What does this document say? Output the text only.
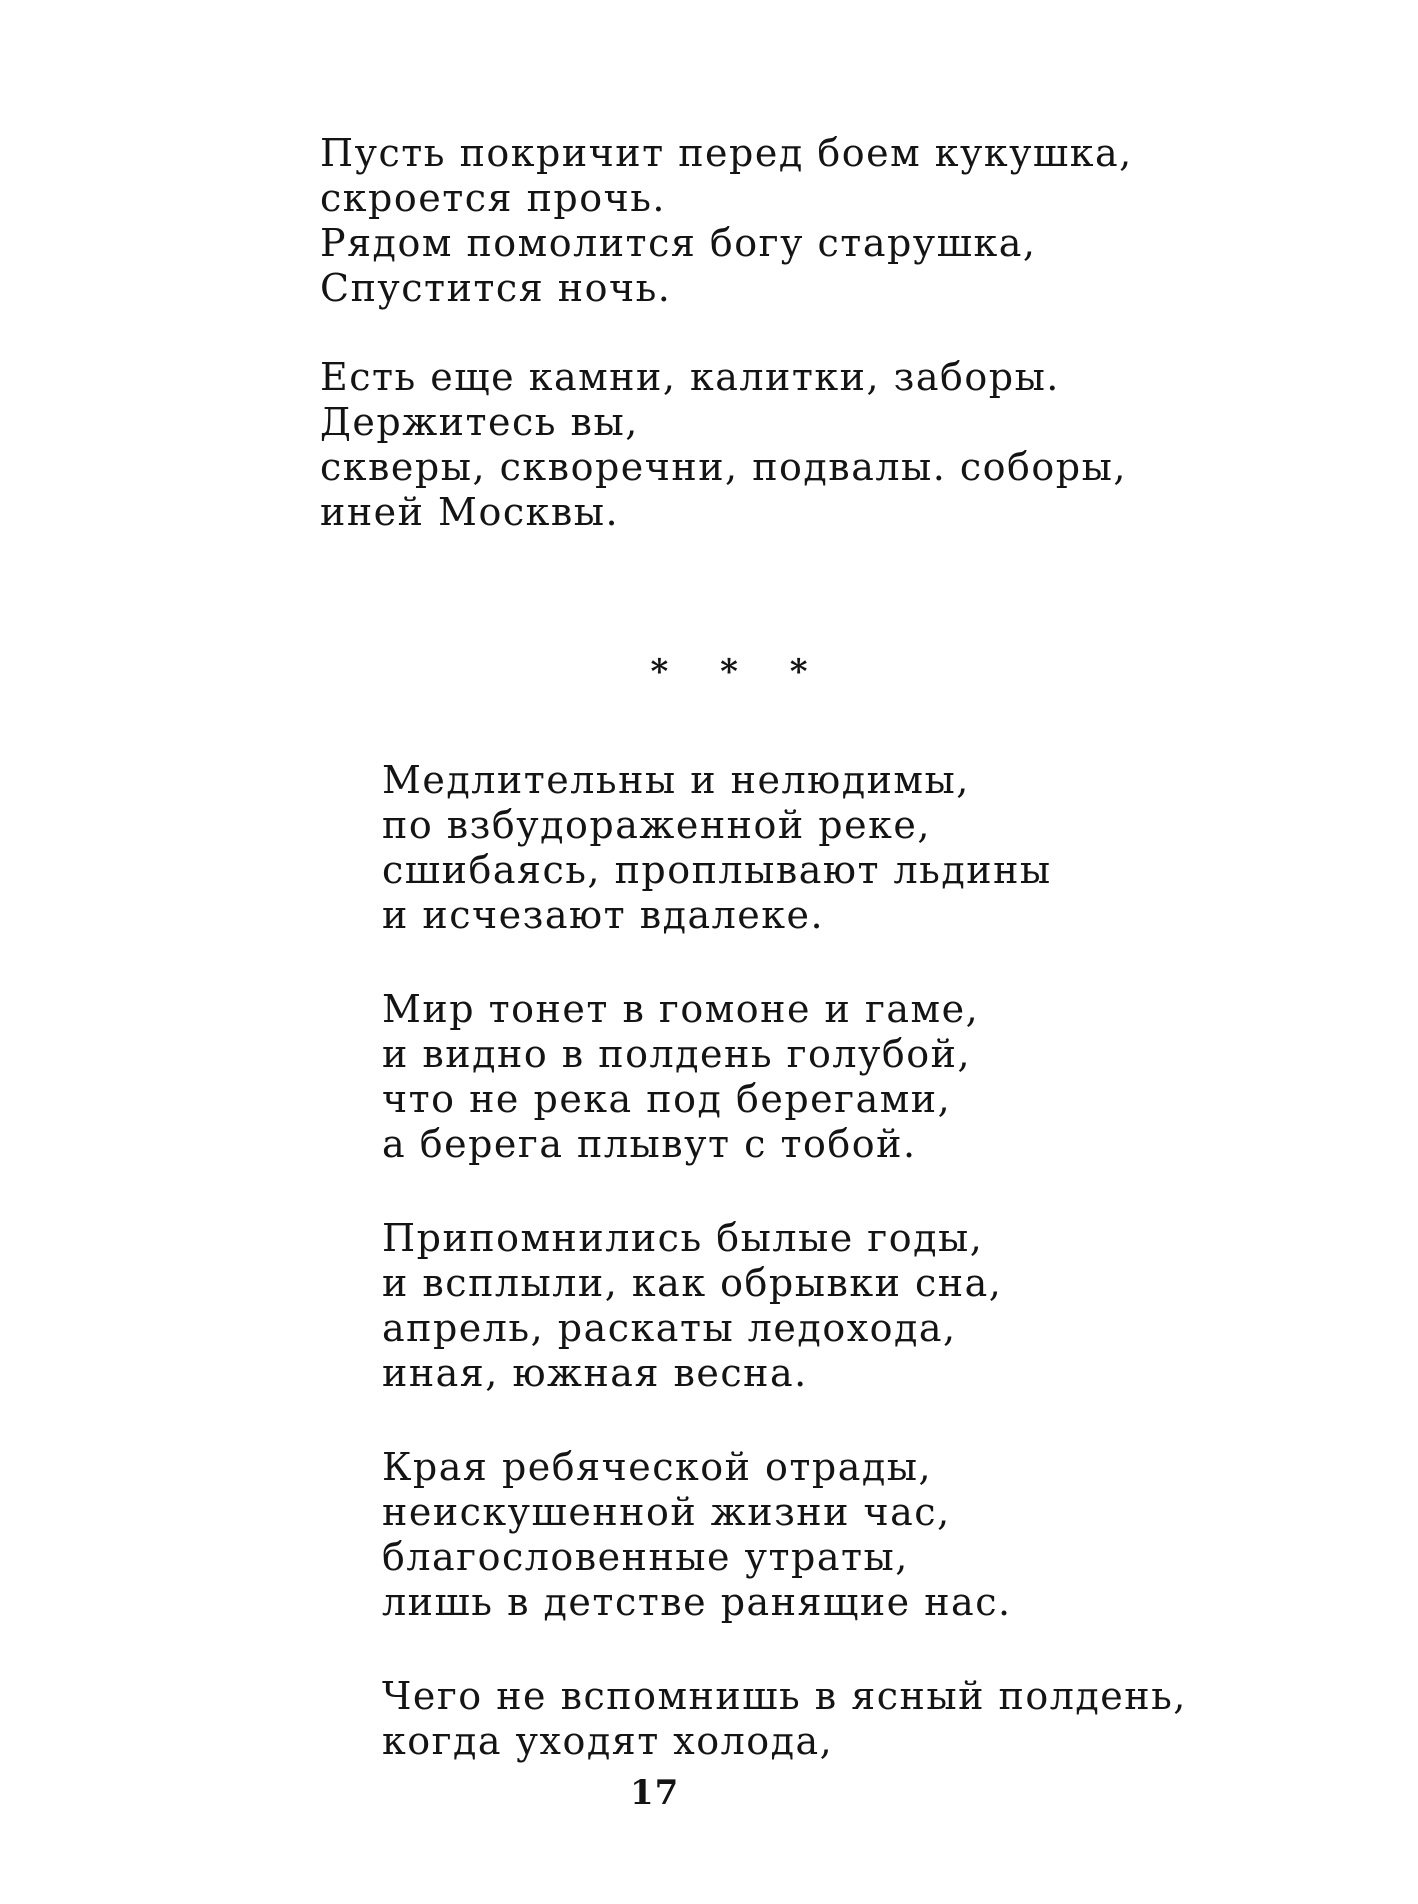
Пусть покричит перед боем кукушка,
скроется прочь.
Рядом помолится богу старушка,
Спустится ночь.
Есть еще камни, калитки, заборы.
Держитесь вы,
скверы, скворечни, подвалы. соборы,
иней Москвы.
* * *
Медлительны и нелюдимы,
по взбудораженной реке,
сшибаясь, проплывают льдины
и исчезают вдалеке.
Мир тонет в гомоне и гаме,
и видно в полдень голубой,
что не река под берегами,
а берега плывут с тобой.
Припомнились былые годы,
и всплыли, как обрывки сна,
апрель, раскаты ледохода,
иная, южная весна.
Края ребяческой отрады,
неискушенной жизни час,
благословенные утраты,
лишь в детстве ранящие нас.
Чего не вспомнишь в ясный полдень,
когда уходят холода,
17
